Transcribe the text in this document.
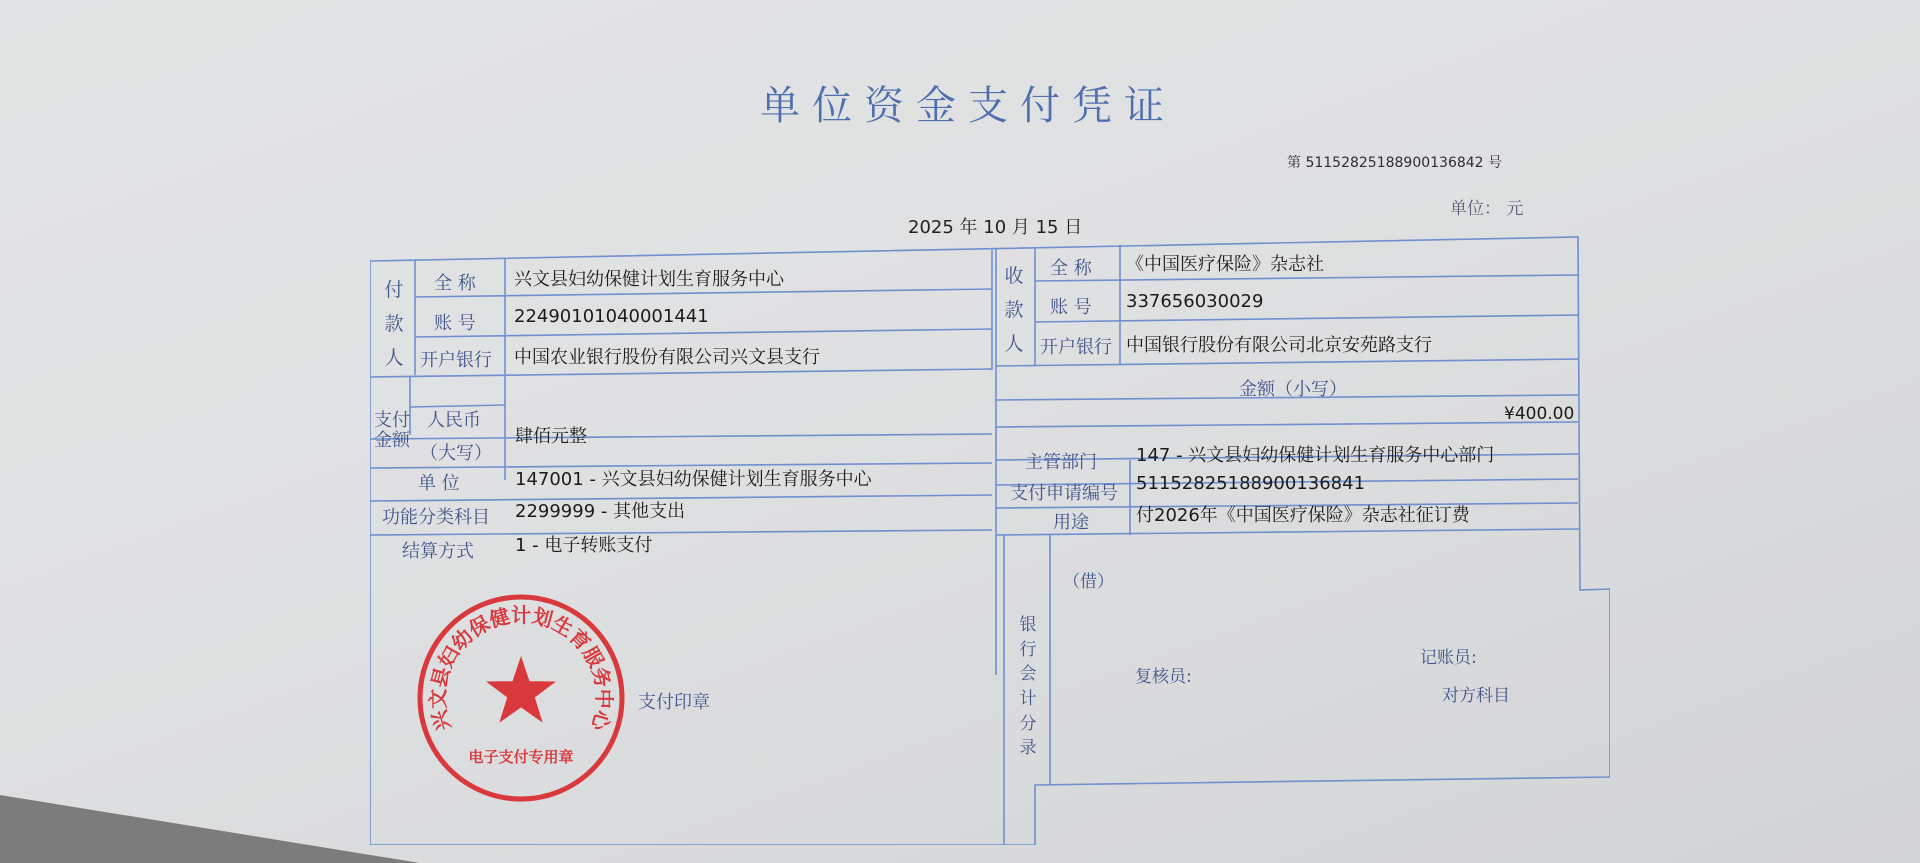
单位资金支付凭证
第 51152825188900136842 号
单位： 元
2025 年 10 月 15 日
付款人
全 称 兴文县妇幼保健计划生育服务中心
账 号 22490101040001441
开户银行 中国农业银行股份有限公司兴文县支行
收款人
全 称 《中国医疗保险》杂志社
账 号 337656030029
开户银行 中国银行股份有限公司北京安苑路支行
支付
金额
人民币
（大写）
肆佰元整
金额（小写）
¥400.00
单 位	147001 - 兴文县妇幼保健计划生育服务中心
功能分类科目 2299999 - 其他支出
结算方式 1 - 电子转账支付
主管部门 147 - 兴文县妇幼保健计划生育服务中心部门
支付申请编号 51152825188900136841
用途	付2026年《中国医疗保险》杂志社征订费
支付印章
银行会计分录
（借）
复核员:
记账员:
对方科目
兴文县妇幼保健计划生育服务中心
电子支付专用章
